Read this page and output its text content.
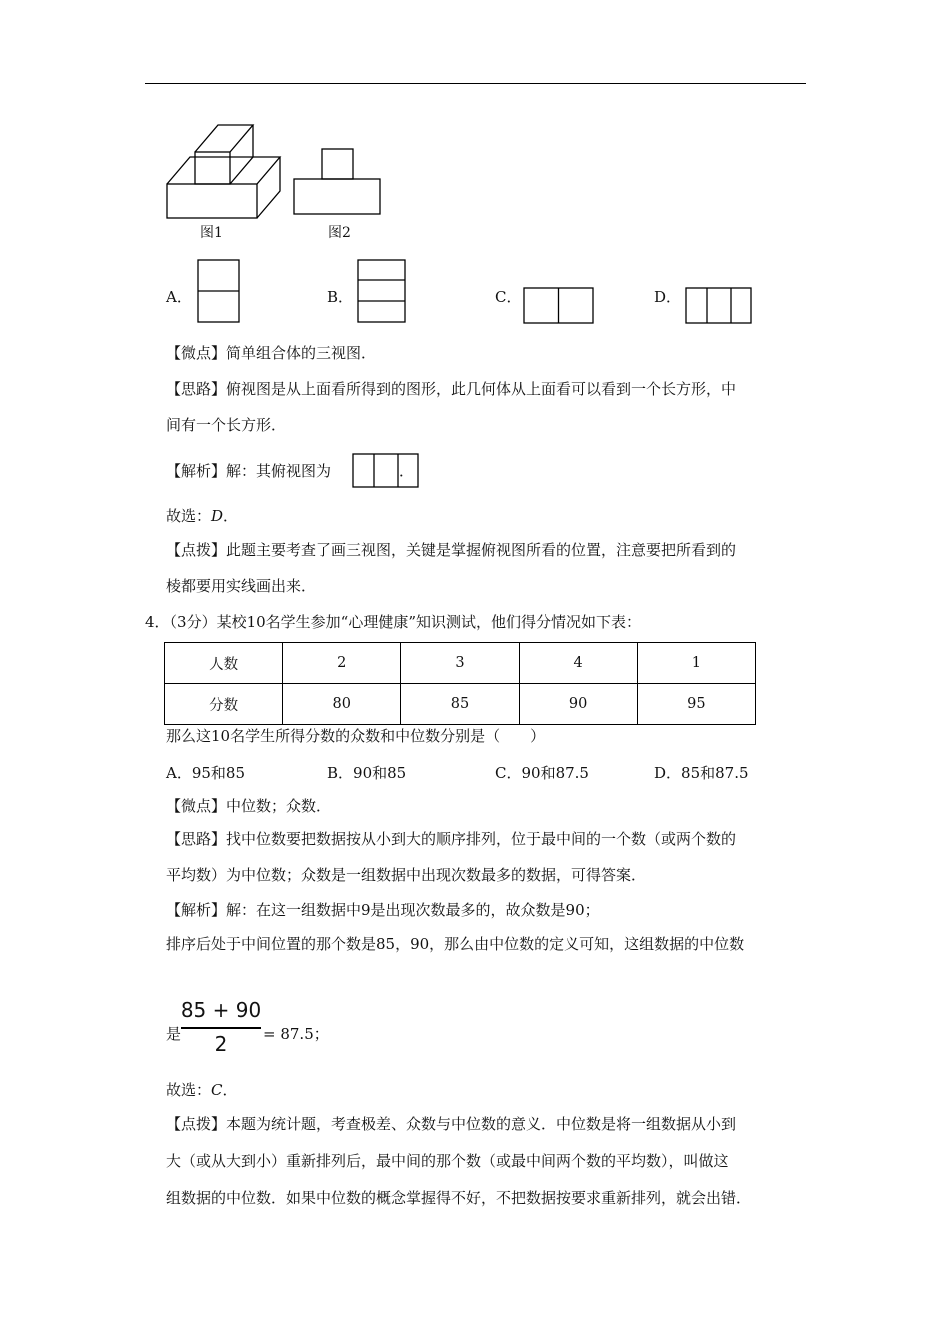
图1	图2
A．	B．	C．	D．
【微点】简单组合体的三视图．
【思路】俯视图是从上面看所得到的图形，此几何体从上面看可以看到一个长方形，中
间有一个长方形．
【解析】解：其俯视图为	．
故选：D．
【点拨】此题主要考查了画三视图，关键是掌握俯视图所看的位置，注意要把所看到的
棱都要用实线画出来．
4．（3分）某校10名学生参加“心理健康”知识测试，他们得分情况如下表：
人数	2	3	4	1
分数	80	85	90	95
那么这10名学生所得分数的众数和中位数分别是（　　）
A．95和85	B．90和85	C．90和87.5	D．85和87.5
【微点】中位数；众数．
【思路】找中位数要把数据按从小到大的顺序排列，位于最中间的一个数（或两个数的
平均数）为中位数；众数是一组数据中出现次数最多的数据，可得答案．
【解析】解：在这一组数据中9是出现次数最多的，故众数是90；
排序后处于中间位置的那个数是85，90，那么由中位数的定义可知，这组数据的中位数
是
85 + 90
2	= 87.5；
故选：C．
【点拨】本题为统计题，考查极差、众数与中位数的意义．中位数是将一组数据从小到
大（或从大到小）重新排列后，最中间的那个数（或最中间两个数的平均数），叫做这
组数据的中位数．如果中位数的概念掌握得不好，不把数据按要求重新排列，就会出错．
